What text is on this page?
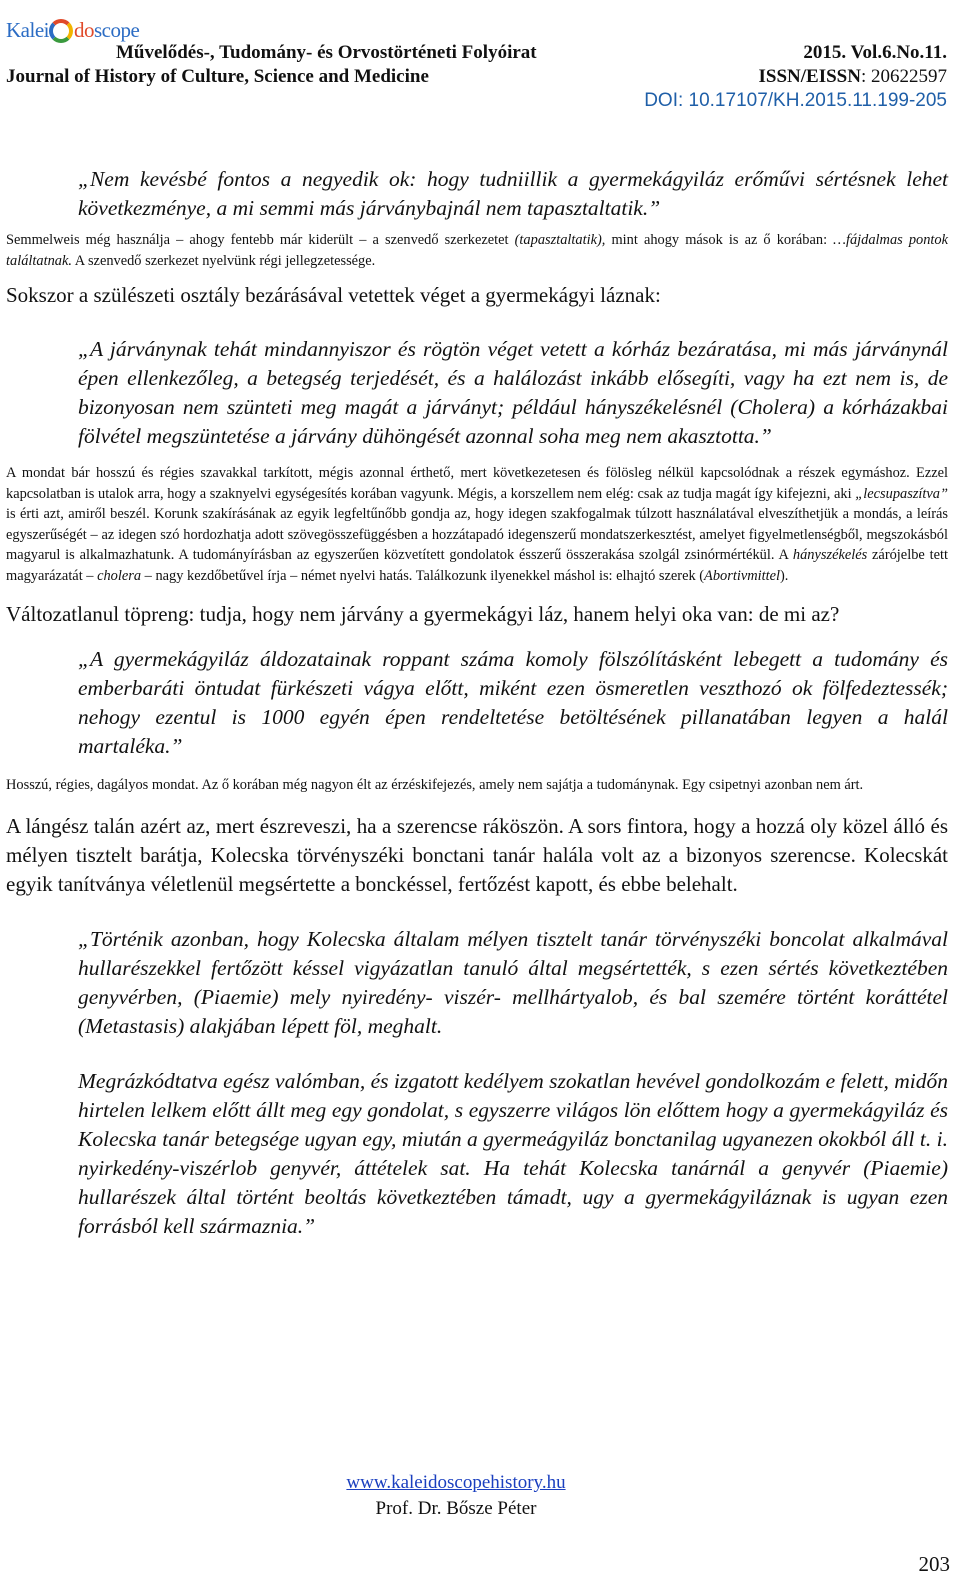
Kalei doscope
Művelődés-, Tudomány- és Orvostörténeti Folyóirat
Journal of History of Culture, Science and Medicine
2015. Vol.6.No.11.
ISSN/EISSN: 20622597
DOI: 10.17107/KH.2015.11.199-205

„Nem kevésbé fontos a negyedik ok: hogy tudniillik a gyermekágyiláz erőművi sértésnek lehet következménye, a mi semmi más járványbajnál nem tapasztaltatik.”

Semmelweis még használja – ahogy fentebb már kiderült – a szenvedő szerkezetet (tapasztaltatik), mint ahogy mások is az ő korában: …fájdalmas pontok találtatnak. A szenvedő szerkezet nyelvünk régi jellegzetessége.

Sokszor a szülészeti osztály bezárásával vetettek véget a gyermekágyi láznak:

„A járványnak tehát mindannyiszor és rögtön véget vetett a kórház bezáratása, mi más járványnál épen ellenkezőleg, a betegség terjedését, és a halálozást inkább elősegíti, vagy ha ezt nem is, de bizonyosan nem szünteti meg magát a járványt; például hányszékelésnél (Cholera) a kórházakbai fölvétel megszüntetése a járvány dühöngését azonnal soha meg nem akasztotta.”

A mondat bár hosszú és régies szavakkal tarkított, mégis azonnal érthető, mert következetesen és fölösleg nélkül kapcsolódnak a részek egymáshoz. Ezzel kapcsolatban is utalok arra, hogy a szaknyelvi egységesítés korában vagyunk. Mégis, a korszellem nem elég: csak az tudja magát így kifejezni, aki „lecsupaszítva” is érti azt, amiről beszél. Korunk szakírásának az egyik legfeltűnőbb gondja az, hogy idegen szakfogalmak túlzott használatával elveszíthetjük a mondás, a leírás egyszerűségét – az idegen szó hordozhatja adott szövegösszefüggésben a hozzátapadó idegenszerű mondatszerkesztést, amelyet figyelmetlenségből, megszokásból magyarul is alkalmazhatunk. A tudományírásban az egyszerűen közvetített gondolatok ésszerű összerakása szolgál zsinórmértékül. A hányszékelés zárójelbe tett magyarázatát – cholera – nagy kezdőbetűvel írja – német nyelvi hatás. Találkozunk ilyenekkel máshol is: elhajtó szerek (Abortivmittel).

Változatlanul töpreng: tudja, hogy nem járvány a gyermekágyi láz, hanem helyi oka van: de mi az?

„A gyermekágyiláz áldozatainak roppant száma komoly fölszólításként lebegett a tudomány és emberbaráti öntudat fürkészeti vágya előtt, miként ezen ösmeretlen veszthozó ok fölfedeztessék; nehogy ezentul is 1000 egyén épen rendeltetése betöltésének pillanatában legyen a halál martaléka.”

Hosszú, régies, dagályos mondat. Az ő korában még nagyon élt az érzéskifejezés, amely nem sajátja a tudománynak. Egy csipetnyi azonban nem árt.

A lángész talán azért az, mert észreveszi, ha a szerencse ráköszön. A sors fintora, hogy a hozzá oly közel álló és mélyen tisztelt barátja, Kolecska törvényszéki bonctani tanár halála volt az a bizonyos szerencse. Kolecskát egyik tanítványa véletlenül megsértette a bonckéssel, fertőzést kapott, és ebbe belehalt.

„Történik azonban, hogy Kolecska általam mélyen tisztelt tanár törvényszéki boncolat alkalmával hullarészekkel fertőzött késsel vigyázatlan tanuló által megsértették, s ezen sértés következtében genyvérben, (Piaemie) mely nyiredény- viszér- mellhártyalob, és bal szemére történt koráttétel (Metastasis) alakjában lépett föl, meghalt.

Megrázkódtatva egész valómban, és izgatott kedélyem szokatlan hevével gondolkozám e felett, midőn hirtelen lelkem előtt állt meg egy gondolat, s egyszerre világos lön előttem hogy a gyermekágyiláz és Kolecska tanár betegsége ugyan egy, miután a gyermeágyiláz bonctanilag ugyanezen okokból áll t. i. nyirkedény-viszérlob genyvér, áttételek sat. Ha tehát Kolecska tanárnál a genyvér (Piaemie) hullarészek által történt beoltás következtében támadt, ugy a gyermekágyiláznak is ugyan ezen forrásból kell származnia.”

www.kaleidoscopehistory.hu
Prof. Dr. Bősze Péter
203
